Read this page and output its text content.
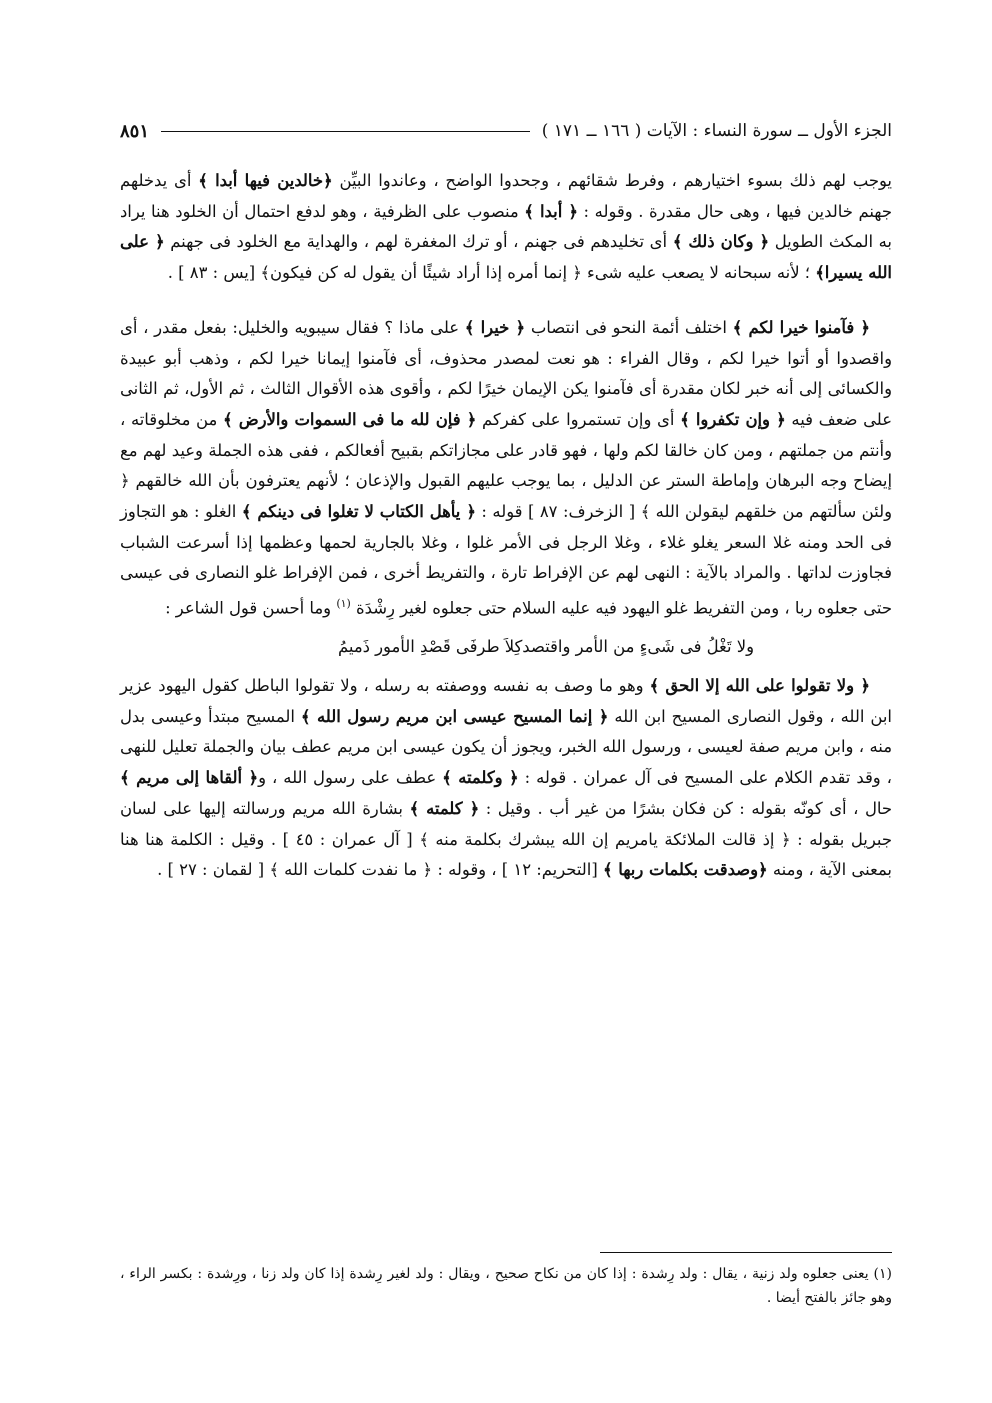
الجزء الأول ــ سورة النساء : الآيات ( ١٦٦ ــ ١٧١ )
٨٥١

يوجب لهم ذلك بسوء اختيارهم ، وفرط شقائهم ، وجحدوا الواضح ، وعاندوا البيِّن ﴿خالدين فيها أبدا ﴾ أى يدخلهم جهنم خالدين فيها ، وهى حال مقدرة . وقوله : ﴿ أبدا ﴾ منصوب على الظرفية ، وهو لدفع احتمال أن الخلود هنا يراد به المكث الطويل ﴿ وكان ذلك ﴾ أى تخليدهم فى جهنم ، أو ترك المغفرة لهم ، والهداية مع الخلود فى جهنم ﴿ على الله يسيرا﴾ ؛ لأنه سبحانه لا يصعب عليه شىء ﴿ إنما أمره إذا أراد شيئًا أن يقول له كن فيكون﴾ [يس : ٨٣ ] .

﴿ فآمنوا خيرا لكم ﴾ اختلف أئمة النحو فى انتصاب ﴿ خيرا ﴾ على ماذا ؟ فقال سيبويه والخليل: بفعل مقدر ، أى واقصدوا أو أتوا خيرا لكم ، وقال الفراء : هو نعت لمصدر محذوف، أى فآمنوا إيمانا خيرا لكم ، وذهب أبو عبيدة والكسائى إلى أنه خبر لكان مقدرة أى فآمنوا يكن الإيمان خيرًا لكم ، وأقوى هذه الأقوال الثالث ، ثم الأول، ثم الثانى على ضعف فيه ﴿ وإن تكفروا ﴾ أى وإن تستمروا على كفركم ﴿ فإن لله ما فى السموات والأرض ﴾ من مخلوقاته ، وأنتم من جملتهم ، ومن كان خالقا لكم ولها ، فهو قادر على مجازاتكم بقبيح أفعالكم ، ففى هذه الجملة وعيد لهم مع إيضاح وجه البرهان وإماطة الستر عن الدليل ، بما يوجب عليهم القبول والإذعان ؛ لأنهم يعترفون بأن الله خالقهم ﴿ ولئن سألتهم من خلقهم ليقولن الله ﴾ [ الزخرف: ٨٧ ] قوله : ﴿ يأهل الكتاب لا تغلوا فى دينكم ﴾ الغلو : هو التجاوز فى الحد ومنه غلا السعر يغلو غلاء ، وغلا الرجل فى الأمر غلوا ، وغلا بالجارية لحمها وعظمها إذا أسرعت الشباب فجاوزت لداتها . والمراد بالآية : النهى لهم عن الإفراط تارة ، والتفريط أخرى ، فمن الإفراط غلو النصارى فى عيسى حتى جعلوه ربا ، ومن التفريط غلو اليهود فيه عليه السلام حتى جعلوه لغير رِشْدَة $^{(١)}$ وما أحسن قول الشاعر :

ولا تَغْلُ فى شَىءٍ من الأمر واقتصدكِلاَ طرفَى قَصْدِ الأمور ذَميمُ

﴿ ولا تقولوا على الله إلا الحق ﴾ وهو ما وصف به نفسه ووصفته به رسله ، ولا تقولوا الباطل كقول اليهود عزير ابن الله ، وقول النصارى المسيح ابن الله ﴿ إنما المسيح عيسى ابن مريم رسول الله ﴾ المسيح مبتدأ وعيسى بدل منه ، وابن مريم صفة لعيسى ، ورسول الله الخبر، ويجوز أن يكون عيسى ابن مريم عطف بيان والجملة تعليل للنهى ، وقد تقدم الكلام على المسيح فى آل عمران . قوله : ﴿ وكلمته ﴾ عطف على رسول الله ، و﴿ ألقاها إلى مريم ﴾ حال ، أى كونّه بقوله : كن فكان بشرًا من غير أب . وقيل : ﴿ كلمته ﴾ بشارة الله مريم ورسالته إليها على لسان جبريل بقوله : ﴿ إذ قالت الملائكة يامريم إن الله يبشرك بكلمة منه ﴾ [ آل عمران : ٤٥ ] . وقيل : الكلمة هنا هنا بمعنى الآية ، ومنه ﴿وصدقت بكلمات ربها ﴾ [التحريم: ١٢ ] ، وقوله : ﴿ ما نفدت كلمات الله ﴾ [ لقمان : ٢٧ ] .

(١) يعنى جعلوه ولد زنية ، يقال : ولد رِشدة : إذا كان من نكاح صحيح ، ويقال : ولد لغير رِشدة إذا كان ولد زنا ، ورِشدة : بكسر الراء ، وهو جائز بالفتح أيضا .
